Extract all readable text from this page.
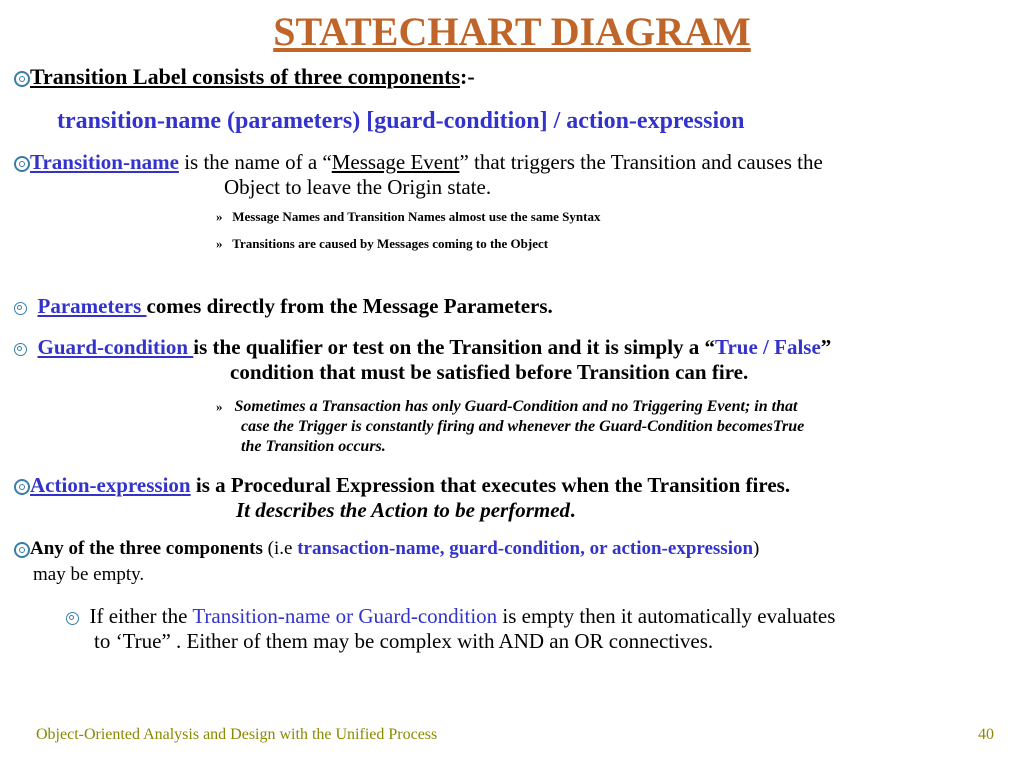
STATECHART DIAGRAM
Transition Label consists of three components:-
transition-name (parameters) [guard-condition] / action-expression
Transition-name is the name of a “Message Event” that triggers the Transition and causes the
Object to leave the Origin state.
» Message Names and Transition Names almost use the same Syntax
» Transitions are caused by Messages coming to the Object
Parameters comes directly from the Message Parameters.
Guard-condition is the qualifier or test on the Transition and it is simply a “True / False”
condition that must be satisfied before Transition can fire.
» Sometimes a Transaction has only Guard-Condition and no Triggering Event; in that
case the Trigger is constantly firing and whenever the Guard-Condition becomesTrue
the Transition occurs.
Action-expression is a Procedural Expression that executes when the Transition fires.
It describes the Action to be performed.
Any of the three components (i.e transaction-name, guard-condition, or action-expression)
may be empty.
If either the Transition-name or Guard-condition is empty then it automatically evaluates
to ‘True” . Either of them may be complex with AND an OR connectives.
Object-Oriented Analysis and Design with the Unified Process	40
